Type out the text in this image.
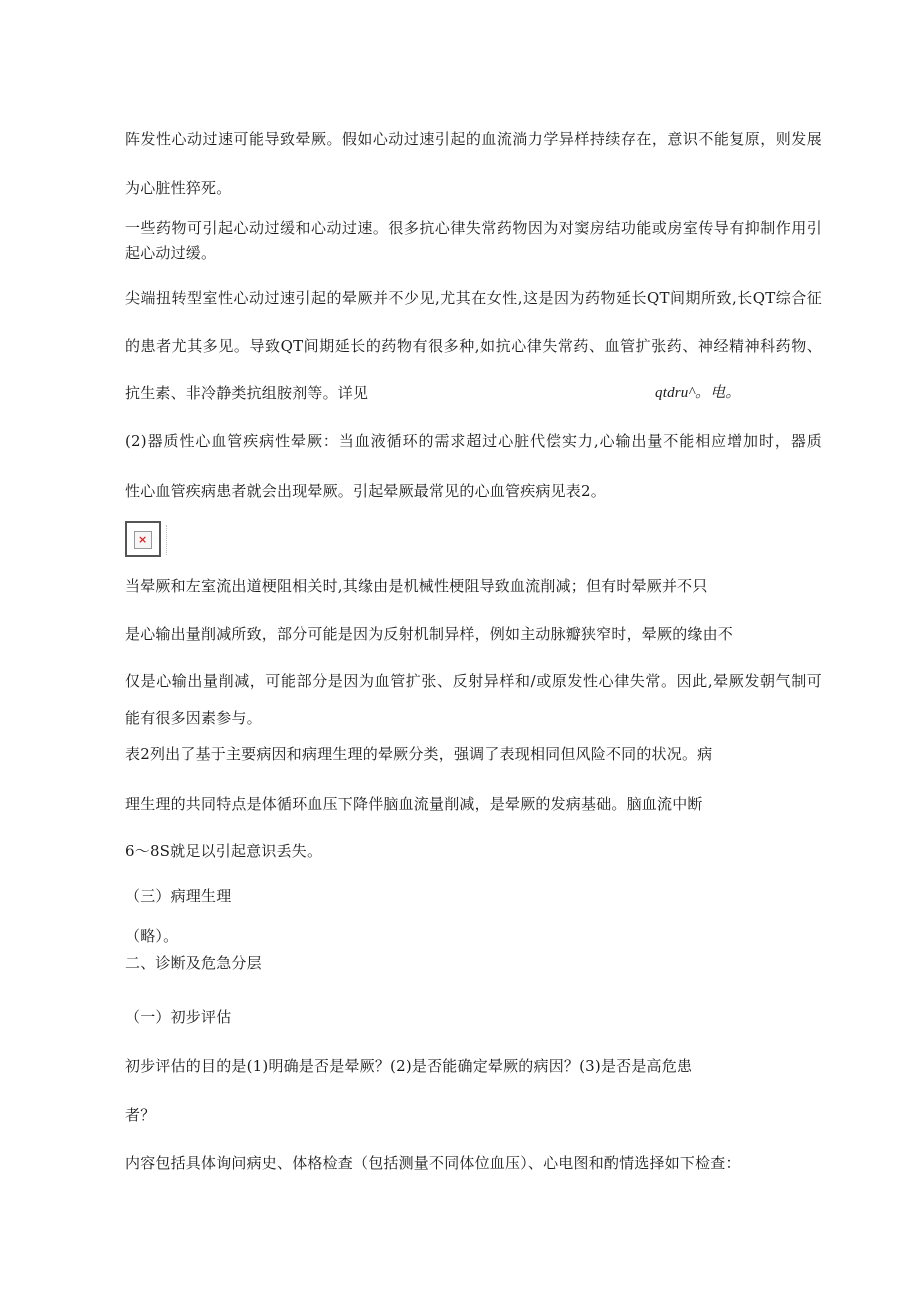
阵发性心动过速可能导致晕厥。假如心动过速引起的血流淌力学异样持续存在，意识不能复原，则发展
为心脏性猝死。
一些药物可引起心动过缓和心动过速。很多抗心律失常药物因为对窦房结功能或房室传导有抑制作用引
起心动过缓。
尖端扭转型室性心动过速引起的晕厥并不少见,尤其在女性,这是因为药物延长QT间期所致,长QT综合征
的患者尤其多见。导致QT间期延长的药物有很多种,如抗心律失常药、血管扩张药、神经精神科药物、
抗生素、非冷静类抗组胺剂等。详见	qtdru^。电。
(2)器质性心血管疾病性晕厥：当血液循环的需求超过心脏代偿实力,心输出量不能相应增加时，器质
性心血管疾病患者就会出现晕厥。引起晕厥最常见的心血管疾病见表2。
×
当晕厥和左室流出道梗阻相关时,其缘由是机械性梗阻导致血流削减；但有时晕厥并不只
是心输出量削减所致，部分可能是因为反射机制异样，例如主动脉瓣狭窄时，晕厥的缘由不
仅是心输出量削减，可能部分是因为血管扩张、反射异样和/或原发性心律失常。因此,晕厥发朝气制可
能有很多因素参与。
表2列出了基于主要病因和病理生理的晕厥分类，强调了表现相同但风险不同的状况。病
理生理的共同特点是体循环血压下降伴脑血流量削减，是晕厥的发病基础。脑血流中断
6〜8S就足以引起意识丢失。
（三）病理生理
（略）。
二、诊断及危急分层
（一）初步评估
初步评估的目的是(1)明确是否是晕厥？(2)是否能确定晕厥的病因？(3)是否是高危患
者？
内容包括具体询问病史、体格检查（包括测量不同体位血压）、心电图和酌情选择如下检查：
